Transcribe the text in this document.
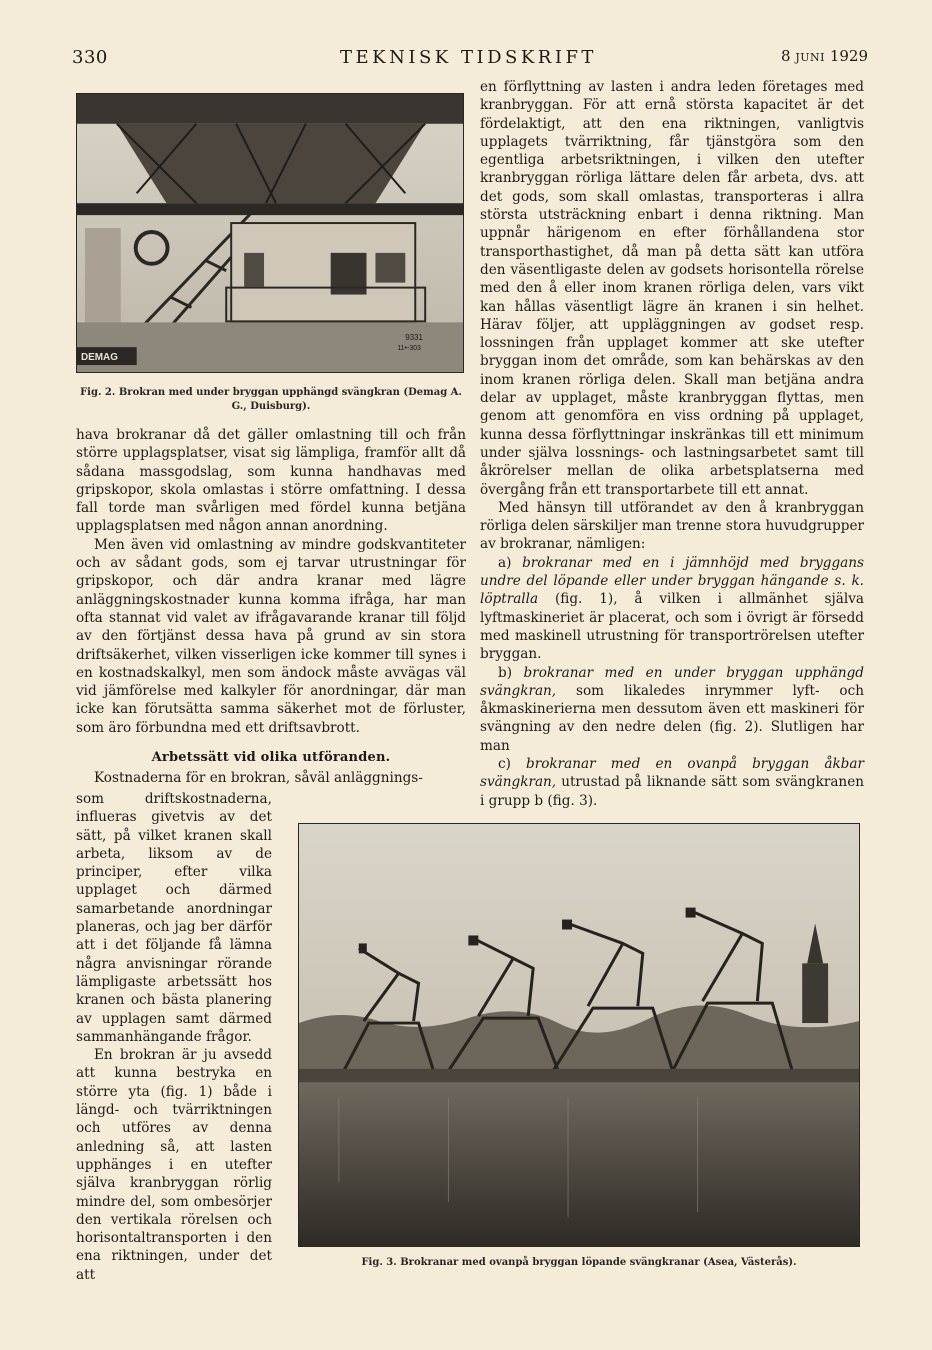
330	TEKNISK TIDSKRIFT	8 JUNI 1929
DEMAG
9331
11•-303
Fig. 2. Brokran med under bryggan upphängd svängkran (Demag A. G., Duisburg).

hava brokranar då det gäller omlastning till och från större upplagsplatser, visat sig lämpliga, framför allt då sådana massgodslag, som kunna handhavas med gripskopor, skola omlastas i större omfattning. I dessa fall torde man svårligen med fördel kunna betjäna upplagsplatsen med någon annan anordning.

Men även vid omlastning av mindre godskvantiteter och av sådant gods, som ej tarvar utrustningar för gripskopor, och där andra kranar med lägre anläggningskostnader kunna komma ifråga, har man ofta stannat vid valet av ifrågavarande kranar till följd av den förtjänst dessa hava på grund av sin stora driftsäkerhet, vilken visserligen icke kommer till synes i en kostnadskalkyl, men som ändock måste avvägas väl vid jämförelse med kalkyler för anordningar, där man icke kan förutsätta samma säkerhet mot de förluster, som äro förbundna med ett driftsavbrott.

Arbetssätt vid olika utföranden.

Kostnaderna för en brokran, såväl anläggnings-

som driftskostnaderna, influeras givetvis av det sätt, på vilket kranen skall arbeta, liksom av de principer, efter vilka upplaget och därmed samarbetande anordningar planeras, och jag ber därför att i det följande få lämna några anvisningar rörande lämpligaste arbetssätt hos kranen och bästa planering av upplagen samt därmed sammanhängande frågor.

En brokran är ju avsedd att kunna bestryka en större yta (fig. 1) både i längd- och tvärriktningen och utföres av denna anledning så, att lasten upphänges i en utefter själva kranbryggan rörlig mindre del, som ombesörjer den vertikala rörelsen och horisontaltransporten i den ena riktningen, under det att

en förflyttning av lasten i andra leden företages med kranbryggan. För att ernå största kapacitet är det fördelaktigt, att den ena riktningen, vanligtvis upplagets tvärriktning, får tjänstgöra som den egentliga arbetsriktningen, i vilken den utefter kranbryggan rörliga lättare delen får arbeta, dvs. att det gods, som skall omlastas, transporteras i allra största utsträckning enbart i denna riktning. Man uppnår härigenom en efter förhållandena stor transporthastighet, då man på detta sätt kan utföra den väsentligaste delen av godsets horisontella rörelse med den å eller inom kranen rörliga delen, vars vikt kan hållas väsentligt lägre än kranen i sin helhet. Härav följer, att uppläggningen av godset resp. lossningen från upplaget kommer att ske utefter bryggan inom det område, som kan behärskas av den inom kranen rörliga delen. Skall man betjäna andra delar av upplaget, måste kranbryggan flyttas, men genom att genomföra en viss ordning på upplaget, kunna dessa förflyttningar inskränkas till ett minimum under själva lossnings- och lastningsarbetet samt till åkrörelser mellan de olika arbetsplatserna med övergång från ett transportarbete till ett annat.

Med hänsyn till utförandet av den å kranbryggan rörliga delen särskiljer man trenne stora huvudgrupper av brokranar, nämligen:

a) brokranar med en i jämnhöjd med bryggans undre del löpande eller under bryggan hängande s. k. löptralla (fig. 1), å vilken i allmänhet själva lyftmaskineriet är placerat, och som i övrigt är försedd med maskinell utrustning för transportrörelsen utefter bryggan.

b) brokranar med en under bryggan upphängd svängkran, som likaledes inrymmer lyft- och åkmaskinerierna men dessutom även ett maskineri för svängning av den nedre delen (fig. 2). Slutligen har man

c) brokranar med en ovanpå bryggan åkbar svängkran, utrustad på liknande sätt som svängkranen i grupp b (fig. 3).

Fig. 3. Brokranar med ovanpå bryggan löpande svängkranar (Asea, Västerås).
